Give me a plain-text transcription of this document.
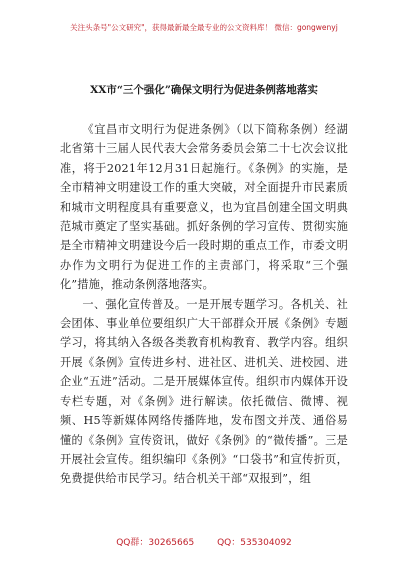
关注头条号"公文研究"，获得最新最全最专业的公文资料库！ 微信：gongwenyj
XX市“三个强化”确保文明行为促进条例落地落实

《宜昌市文明行为促进条例》（以下简称条例）经湖北省第十三届人民代表大会常务委员会第二十七次会议批准，将于2021年12月31日起施行。《条例》的实施，是全市精神文明建设工作的重大突破，对全面提升市民素质和城市文明程度具有重要意义，也为宜昌创建全国文明典范城市奠定了坚实基础。抓好条例的学习宣传、贯彻实施是全市精神文明建设今后一段时期的重点工作，市委文明办作为文明行为促进工作的主责部门，将采取“三个强化”措施，推动条例落地落实。

一、强化宣传普及。一是开展专题学习。各机关、社会团体、事业单位要组织广大干部群众开展《条例》专题学习，将其纳入各级各类教育机构教育、教学内容。组织开展《条例》宣传进乡村、进社区、进机关、进校园、进企业“五进”活动。二是开展媒体宣传。组织市内媒体开设专栏专题，对《条例》进行解读。依托微信、微博、视频、H5等新媒体网络传播阵地，发布图文并茂、通俗易懂的《条例》宣传资讯，做好《条例》的“微传播”。三是开展社会宣传。组织编印《条例》“口袋书”和宣传折页，免费提供给市民学习。结合机关干部“双报到”，组

QQ群：30265665	QQ：535304092
